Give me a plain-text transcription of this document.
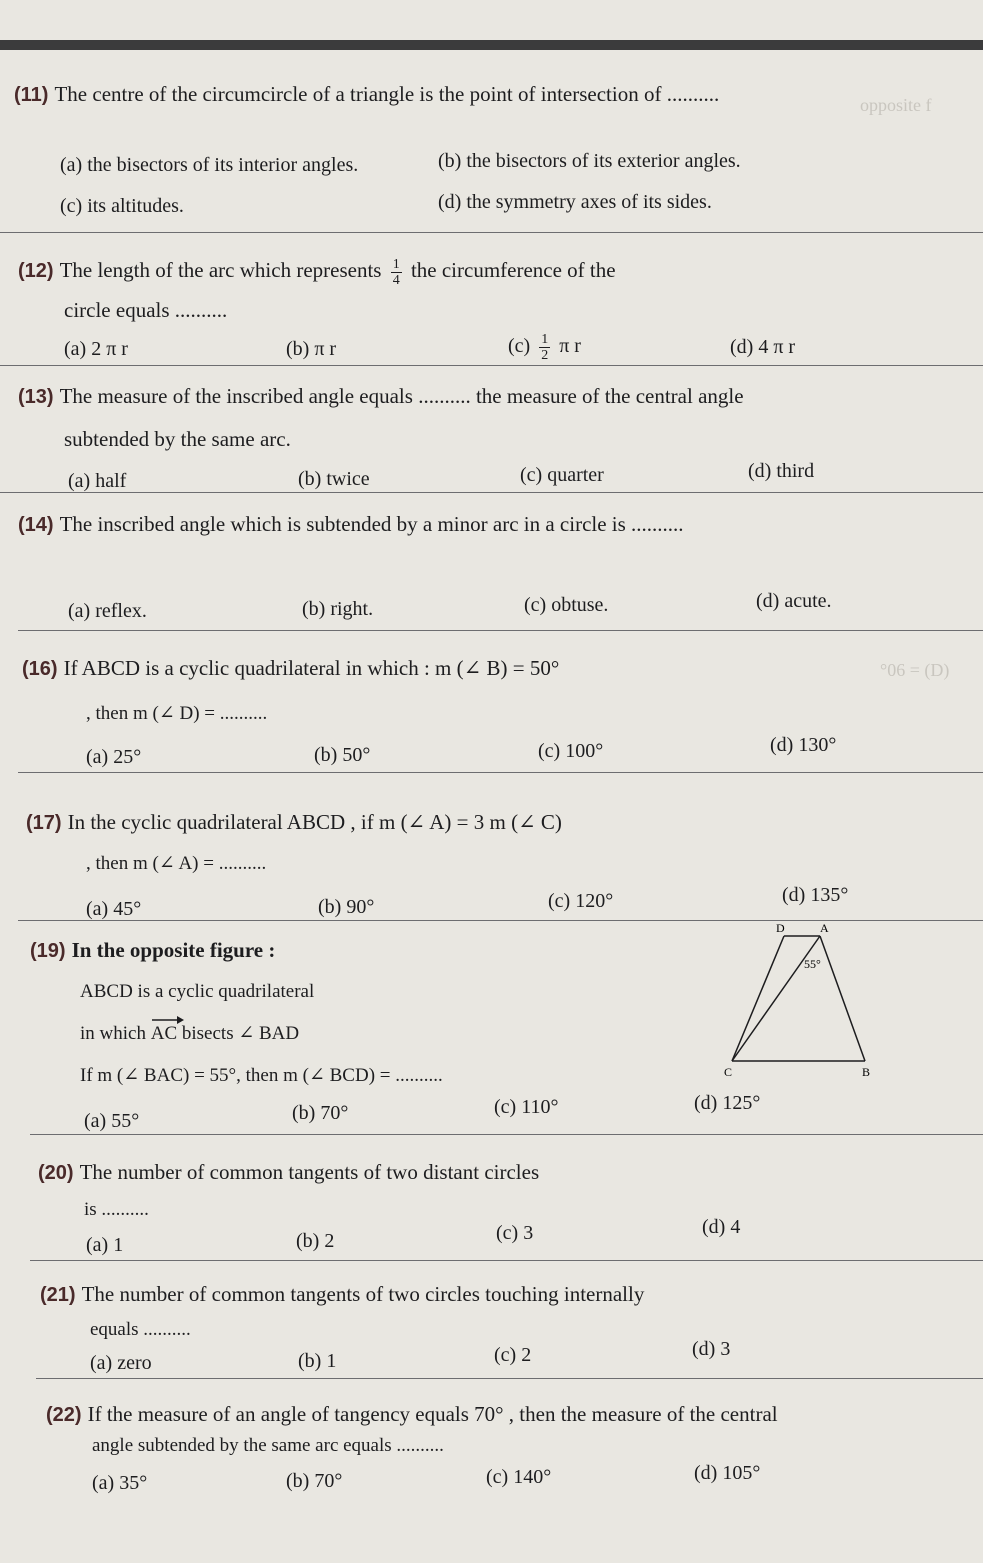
opposite f
°06 = (D)
(11) The centre of the circumcircle of a triangle is the point of intersection of ..........
(a) the bisectors of its interior angles.	(b) the bisectors of its exterior angles.
(c) its altitudes.	(d) the symmetry axes of its sides.
(12) The length of the arc which represents $\frac{1}{4}$ the circumference of the
circle equals ..........
(a) 2 π r	(b) π r	$(c) \frac{1}{2}$ π r	(d) 4 π r
(13) The measure of the inscribed angle equals .......... the measure of the central angle
subtended by the same arc.
(a) half	(b) twice	(c) quarter	(d) third
(14) The inscribed angle which is subtended by a minor arc in a circle is ..........
(a) reflex.	(b) right.	(c) obtuse.	(d) acute.
(16) If ABCD is a cyclic quadrilateral in which : m (∠ B) = 50°
, then m (∠ D) = ..........
(a) 25°	(b) 50°	(c) 100°	(d) 130°
(17) In the cyclic quadrilateral ABCD , if m (∠ A) = 3 m (∠ C)
, then m (∠ A) = ..........
(a) 45°	(b) 90°	(c) 120°	(d) 135°
(19) In the opposite figure :
ABCD is a cyclic quadrilateral
in which AC bisects ∠ BAD
If m (∠ BAC) = 55°, then m (∠ BCD) = ..........
(a) 55°	(b) 70°	(c) 110°	(d) 125°
D	A
C	B
55°
(20) The number of common tangents of two distant circles
is ..........
(a) 1	(b) 2	(c) 3	(d) 4
(21) The number of common tangents of two circles touching internally
equals ..........
(a) zero	(b) 1	(c) 2	(d) 3
(22) If the measure of an angle of tangency equals 70° , then the measure of the central
angle subtended by the same arc equals ..........
(a) 35°	(b) 70°	(c) 140°	(d) 105°
